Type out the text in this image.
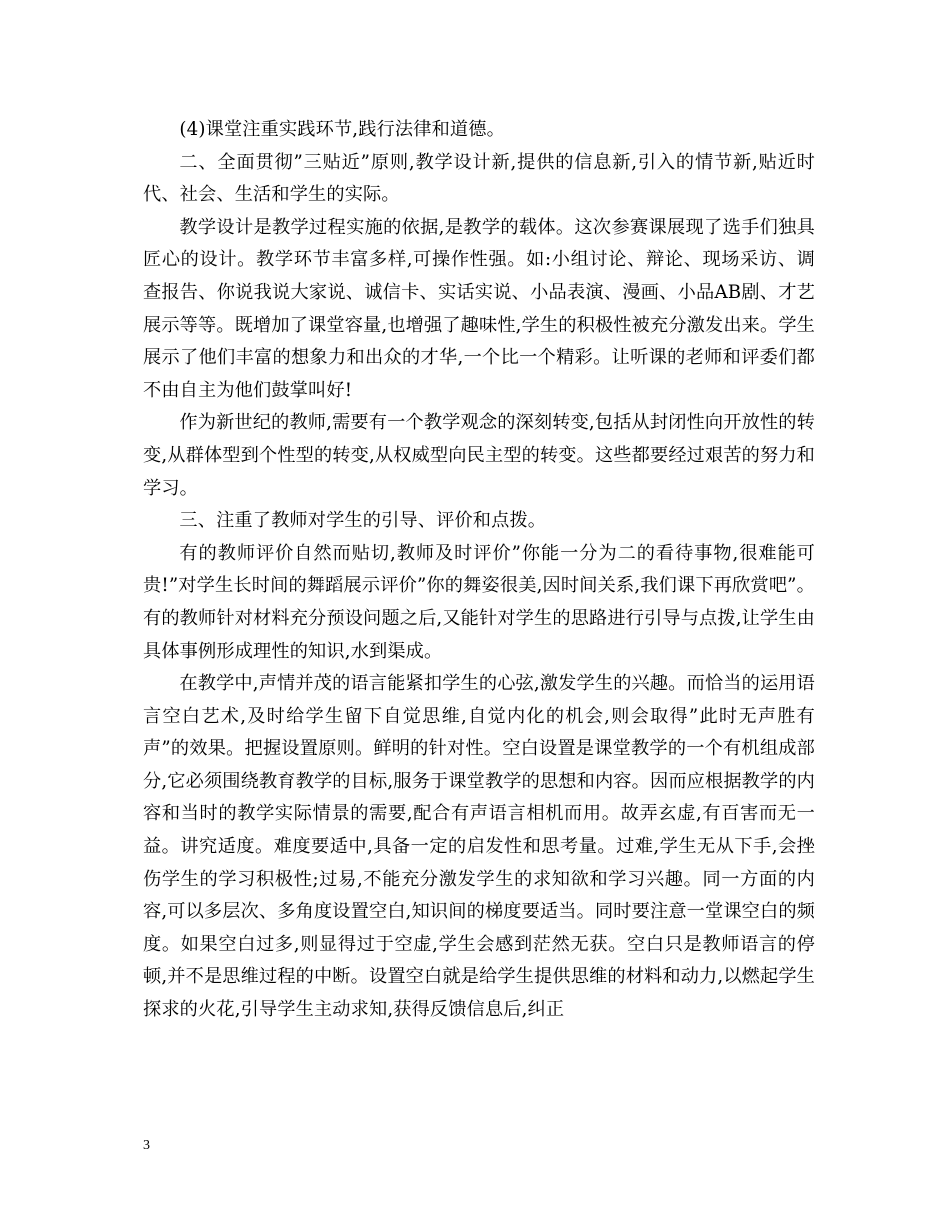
(4)课堂注重实践环节,践行法律和道德。

二、全面贯彻”三贴近”原则,教学设计新,提供的信息新,引入的情节新,贴近时代、社会、生活和学生的实际。

教学设计是教学过程实施的依据,是教学的载体。这次参赛课展现了选手们独具匠心的设计。教学环节丰富多样,可操作性强。如:小组讨论、辩论、现场采访、调查报告、你说我说大家说、诚信卡、实话实说、小品表演、漫画、小品AB剧、才艺展示等等。既增加了课堂容量,也增强了趣味性,学生的积极性被充分激发出来。学生展示了他们丰富的想象力和出众的才华,一个比一个精彩。让听课的老师和评委们都不由自主为他们鼓掌叫好!

作为新世纪的教师,需要有一个教学观念的深刻转变,包括从封闭性向开放性的转变,从群体型到个性型的转变,从权威型向民主型的转变。这些都要经过艰苦的努力和学习。

三、注重了教师对学生的引导、评价和点拨。

有的教师评价自然而贴切,教师及时评价”你能一分为二的看待事物,很难能可贵!”对学生长时间的舞蹈展示评价”你的舞姿很美,因时间关系,我们课下再欣赏吧”。有的教师针对材料充分预设问题之后,又能针对学生的思路进行引导与点拨,让学生由具体事例形成理性的知识,水到渠成。

在教学中,声情并茂的语言能紧扣学生的心弦,激发学生的兴趣。而恰当的运用语言空白艺术,及时给学生留下自觉思维,自觉内化的机会,则会取得”此时无声胜有声”的效果。把握设置原则。鲜明的针对性。空白设置是课堂教学的一个有机组成部分,它必须围绕教育教学的目标,服务于课堂教学的思想和内容。因而应根据教学的内容和当时的教学实际情景的需要,配合有声语言相机而用。故弄玄虚,有百害而无一益。讲究适度。难度要适中,具备一定的启发性和思考量。过难,学生无从下手,会挫伤学生的学习积极性;过易,不能充分激发学生的求知欲和学习兴趣。同一方面的内容,可以多层次、多角度设置空白,知识间的梯度要适当。同时要注意一堂课空白的频度。如果空白过多,则显得过于空虚,学生会感到茫然无获。空白只是教师语言的停顿,并不是思维过程的中断。设置空白就是给学生提供思维的材料和动力,以燃起学生探求的火花,引导学生主动求知,获得反馈信息后,纠正

3
